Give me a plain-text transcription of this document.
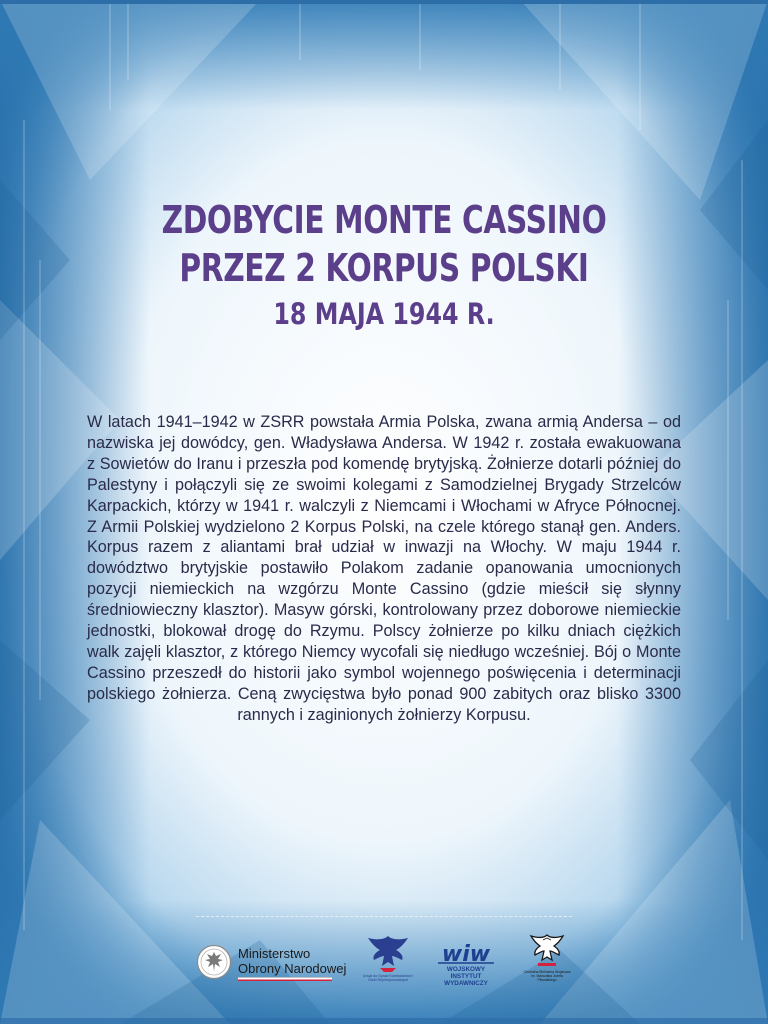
ZDOBYCIE MONTE CASSINO
PRZEZ 2 KORPUS POLSKI
18 MAJA 1944 R.
W latach 1941–1942 w ZSRR powstała Armia Polska, zwana armią Andersa – od nazwiska jej dowódcy, gen. Władysława Andersa. W 1942 r. została ewakuowana z Sowietów do Iranu i przeszła pod komendę brytyjską. Żołnierze dotarli później do Palestyny i połączyli się ze swoimi kolegami z Samodzielnej Brygady Strzelców Karpackich, którzy w 1941 r. walczyli z Niemcami i Włochami w Afryce Północnej. Z Armii Polskiej wydzielono 2 Korpus Polski, na czele którego stanął gen. Anders. Korpus razem z aliantami brał udział w inwazji na Włochy. W maju 1944 r. dowództwo brytyjskie postawiło Polakom zadanie opanowania umocnionych pozycji niemieckich na wzgórzu Monte Cassino (gdzie mieścił się słynny średniowieczny klasztor). Masyw górski, kontrolowany przez doborowe niemieckie jednostki, blokował drogę do Rzymu. Polscy żołnierze po kilku dniach ciężkich walk zajęli klasztor, z którego Niemcy wycofali się niedługo wcześniej. Bój o Monte Cassino przeszedł do historii jako symbol wojennego poświęcenia i determinacji polskiego żołnierza. Ceną zwycięstwa było ponad 900 zabitych oraz blisko 3300 rannych i zaginionych żołnierzy Korpusu.
Ministerstwo
Obrony Narodowej	Urząd do Spraw Kombatantów i Osób Represjonowanych
wiw
WOJSKOWY INSTYTUT
WYDAWNICZY
Centralna Biblioteka Wojskowa im. Marszałka Józefa Piłsudskiego
